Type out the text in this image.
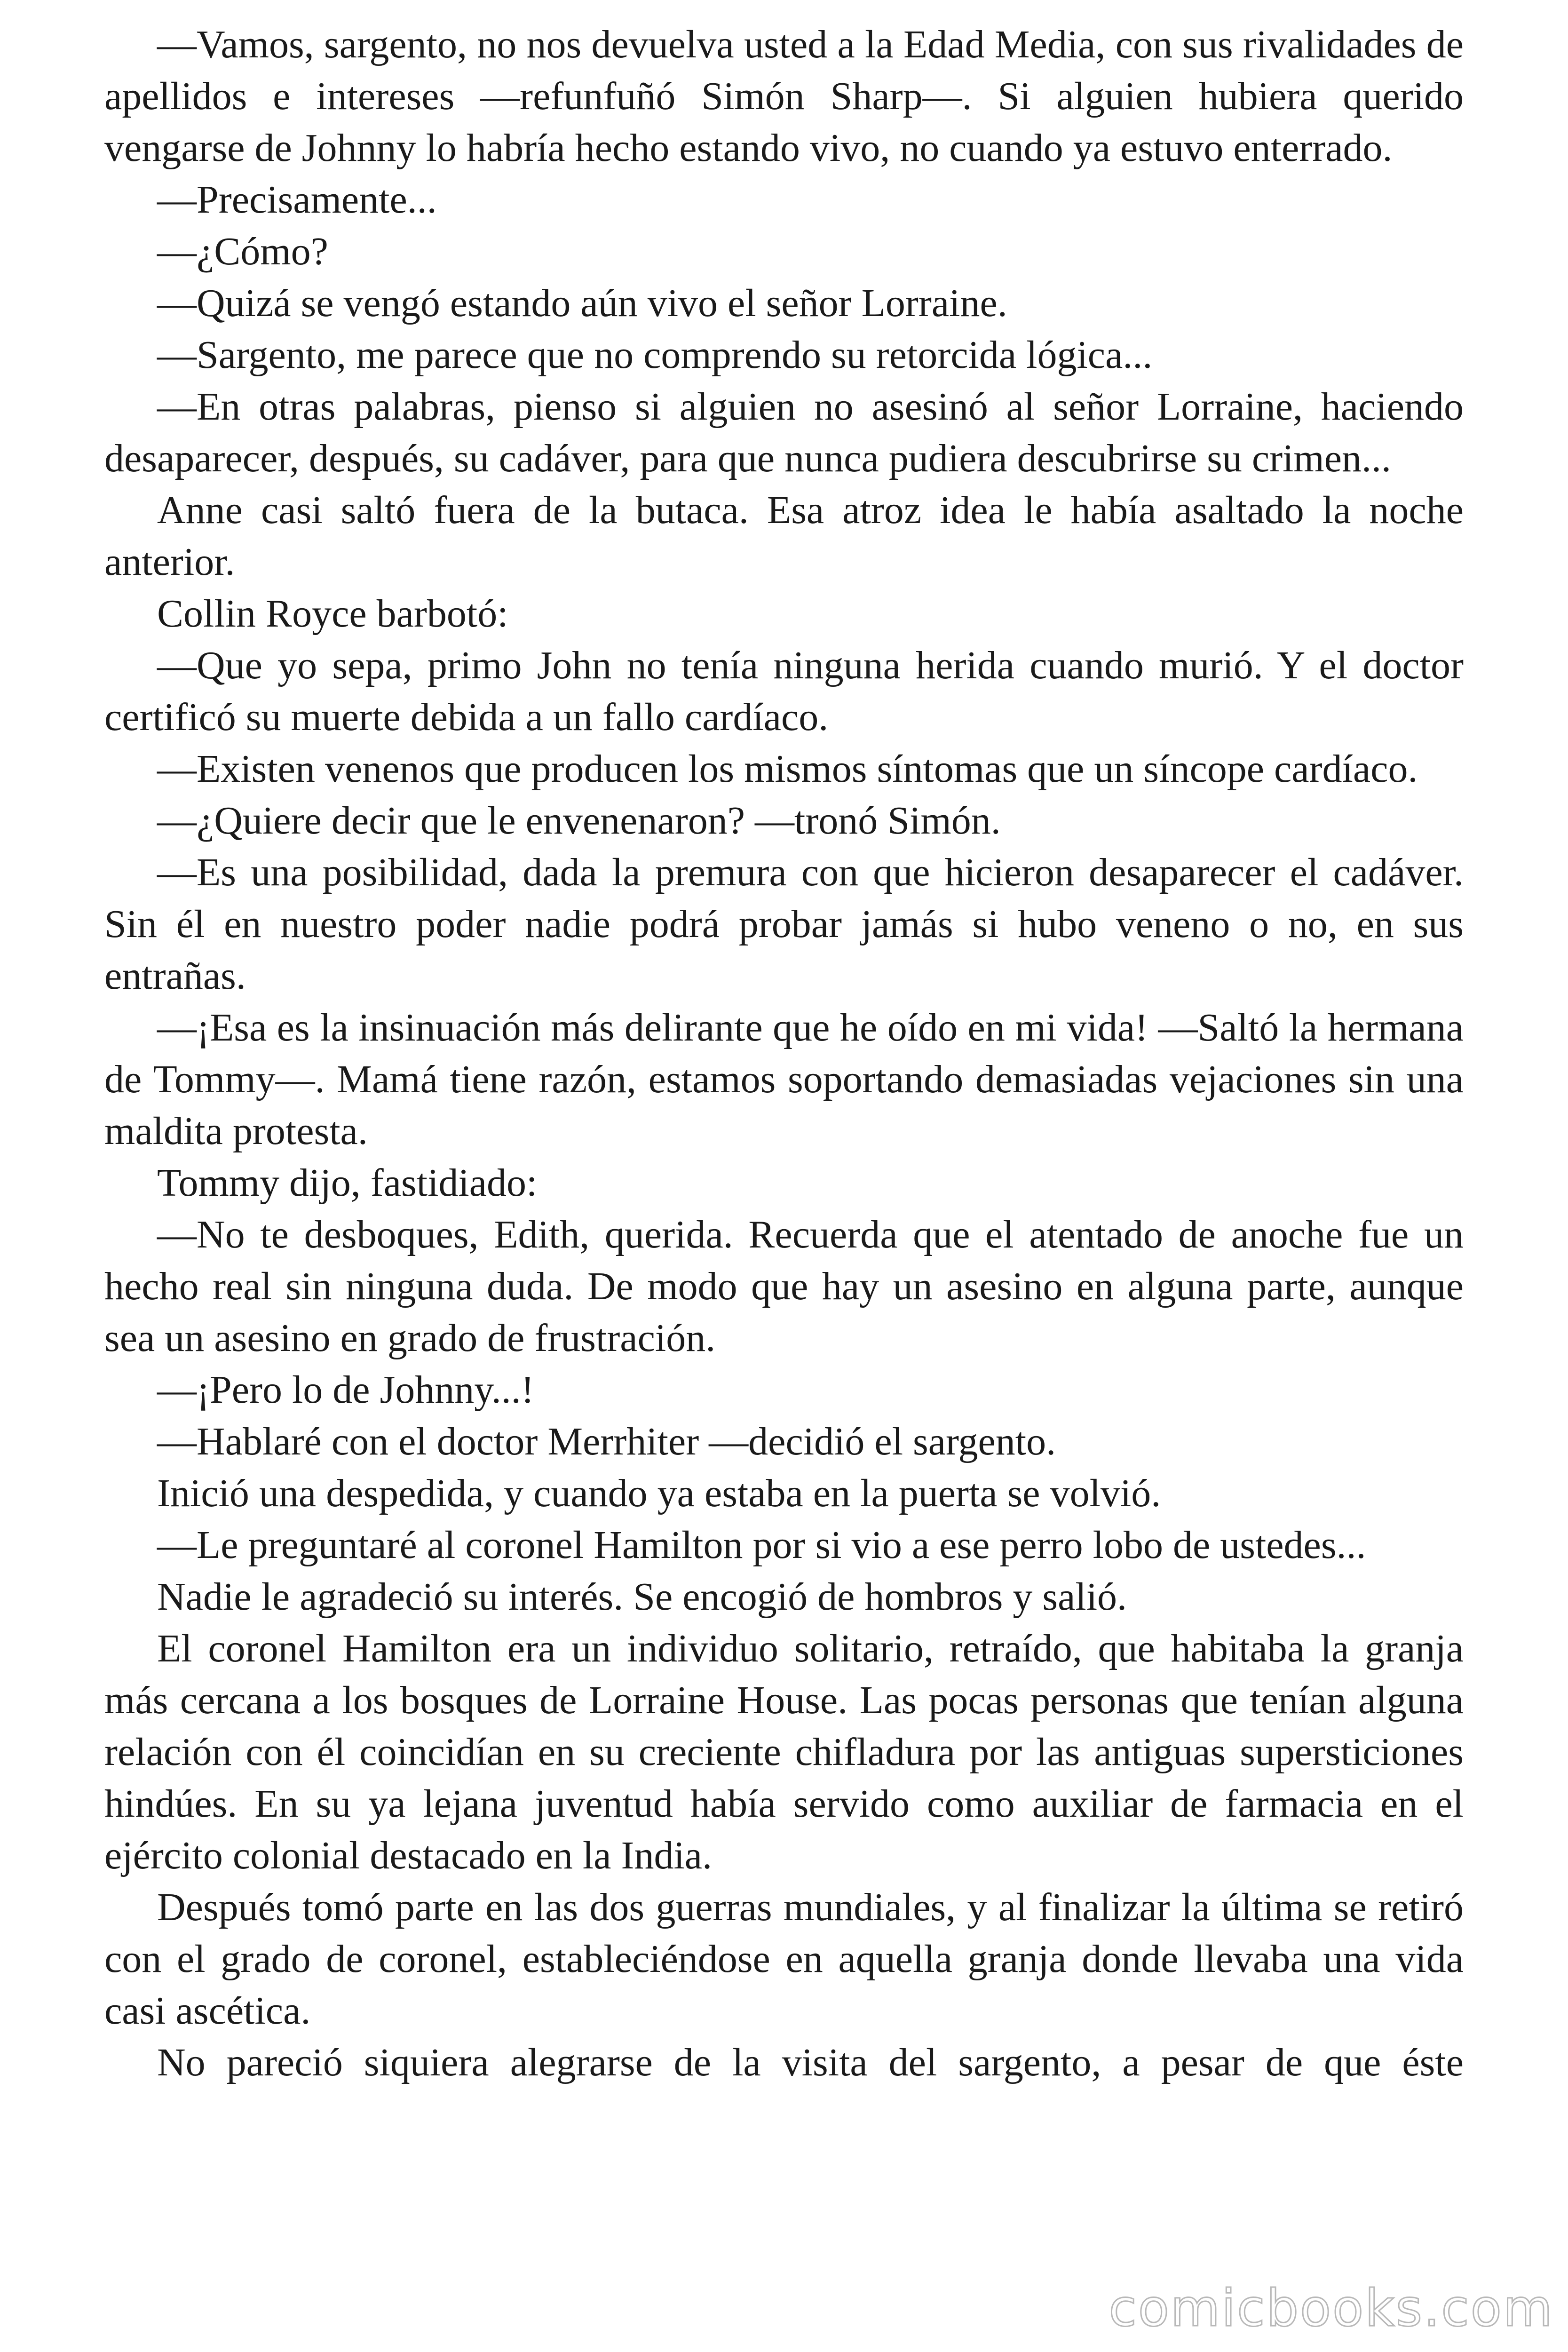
—Vamos, sargento, no nos devuelva usted a la Edad Media, con sus rivalidades de apellidos e intereses —refunfuñó Simón Sharp—. Si alguien hubiera querido vengarse de Johnny lo habría hecho estando vivo, no cuando ya estuvo enterrado.

—Precisamente...

—¿Cómo?

—Quizá se vengó estando aún vivo el señor Lorraine.

—Sargento, me parece que no comprendo su retorcida lógica...

—En otras palabras, pienso si alguien no asesinó al señor Lorraine, haciendo desaparecer, después, su cadáver, para que nunca pudiera descubrirse su crimen...

Anne casi saltó fuera de la butaca. Esa atroz idea le había asaltado la noche anterior.

Collin Royce barbotó:

—Que yo sepa, primo John no tenía ninguna herida cuando murió. Y el doctor certificó su muerte debida a un fallo cardíaco.

—Existen venenos que producen los mismos síntomas que un síncope cardíaco.

—¿Quiere decir que le envenenaron? —tronó Simón.

—Es una posibilidad, dada la premura con que hicieron desaparecer el cadáver. Sin él en nuestro poder nadie podrá probar jamás si hubo veneno o no, en sus entrañas.

—¡Esa es la insinuación más delirante que he oído en mi vida! —Saltó la hermana de Tommy—. Mamá tiene razón, estamos soportando demasiadas vejaciones sin una maldita protesta.

Tommy dijo, fastidiado:

—No te desboques, Edith, querida. Recuerda que el atentado de anoche fue un hecho real sin ninguna duda. De modo que hay un asesino en alguna parte, aunque sea un asesino en grado de frustración.

—¡Pero lo de Johnny...!

—Hablaré con el doctor Merrhiter —decidió el sargento.

Inició una despedida, y cuando ya estaba en la puerta se volvió.

—Le preguntaré al coronel Hamilton por si vio a ese perro lobo de ustedes...

Nadie le agradeció su interés. Se encogió de hombros y salió.

El coronel Hamilton era un individuo solitario, retraído, que habitaba la granja más cercana a los bosques de Lorraine House. Las pocas personas que tenían alguna relación con él coincidían en su creciente chifladura por las antiguas supersticiones hindúes. En su ya lejana juventud había servido como auxiliar de farmacia en el ejército colonial destacado en la India.

Después tomó parte en las dos guerras mundiales, y al finalizar la última se retiró con el grado de coronel, estableciéndose en aquella granja donde llevaba una vida casi ascética.

No pareció siquiera alegrarse de la visita del sargento, a pesar de que éste

comicbooks.com
